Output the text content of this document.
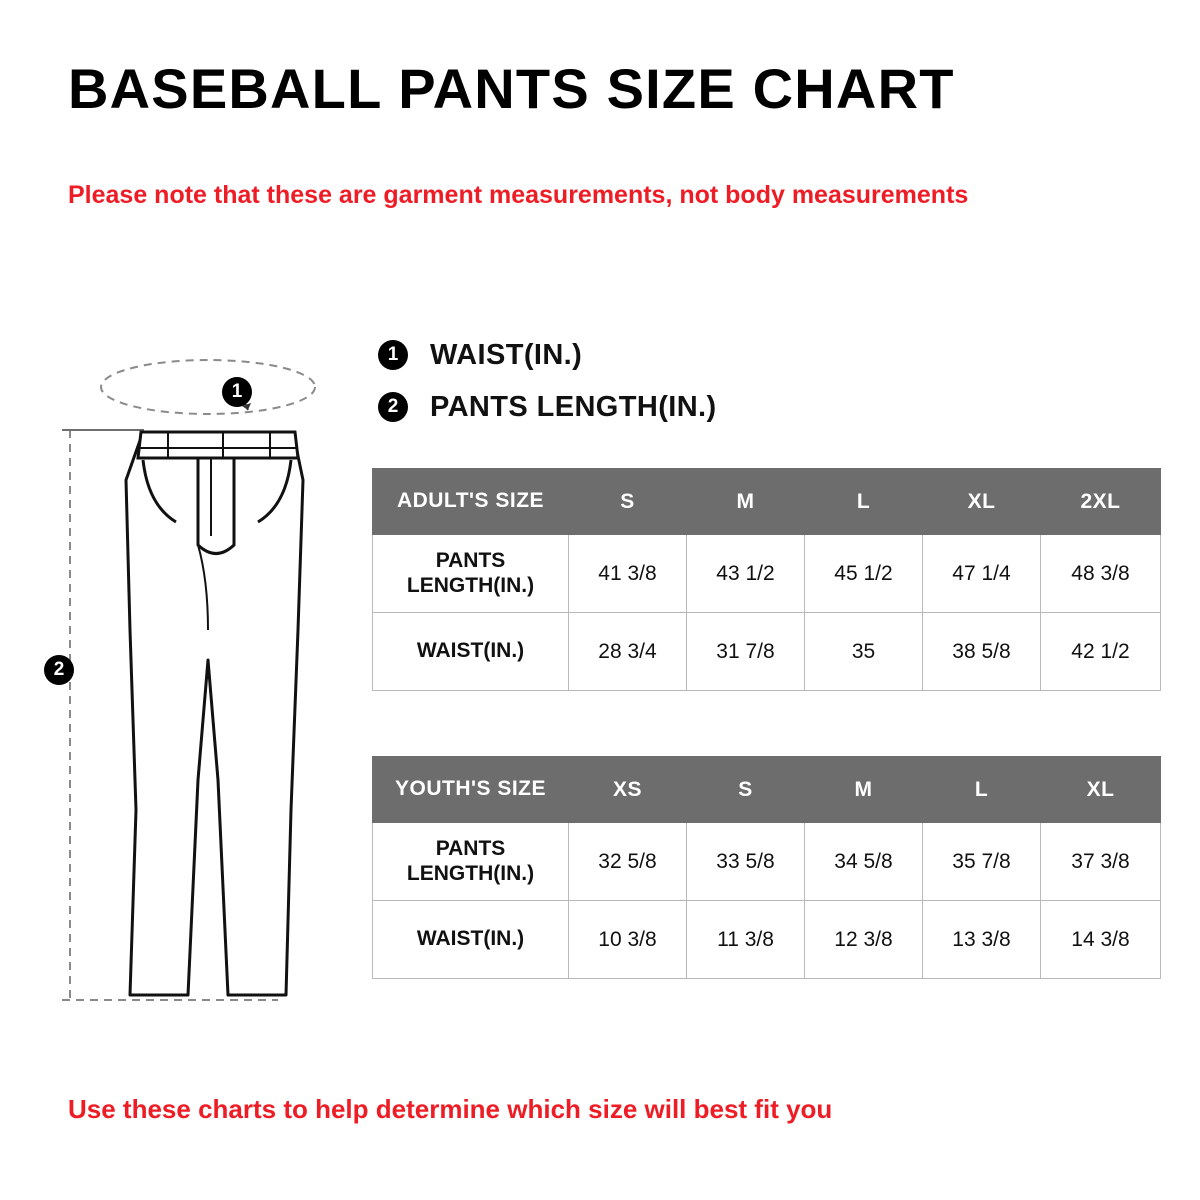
BASEBALL PANTS SIZE CHART
Please note that these are garment measurements, not body measurements
1	WAIST(IN.)
2	PANTS LENGTH(IN.)
1
2
ADULT'S SIZE	S	M	L	XL	2XL
PANTS LENGTH(IN.)	41 3/8	43 1/2	45 1/2	47 1/4	48 3/8
WAIST(IN.)	28 3/4	31 7/8	35	38 5/8	42 1/2
YOUTH'S SIZE	XS	S	M	L	XL
PANTS LENGTH(IN.)	32 5/8	33 5/8	34 5/8	35 7/8	37 3/8
WAIST(IN.)	10 3/8	11 3/8	12 3/8	13 3/8	14 3/8
Use these charts to help determine which size will best fit you
